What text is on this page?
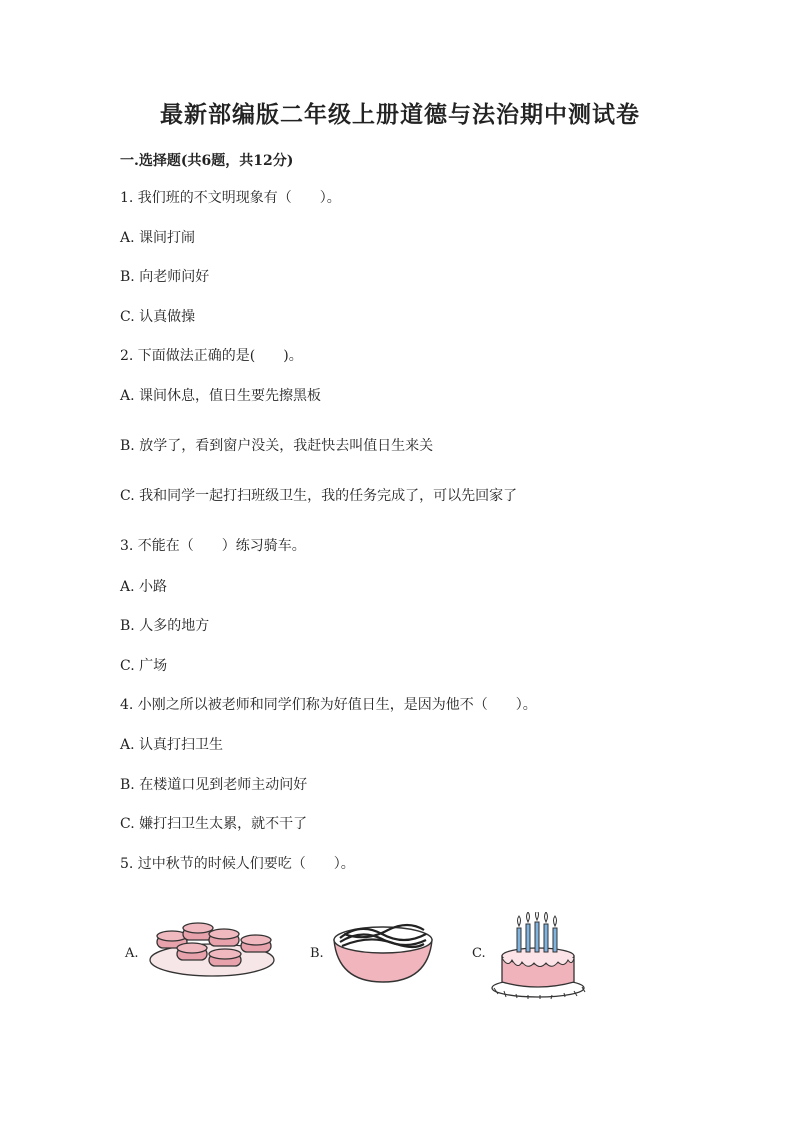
最新部编版二年级上册道德与法治期中测试卷

一.选择题(共6题，共12分)

1. 我们班的不文明现象有（　　）。

A. 课间打闹

B. 向老师问好

C. 认真做操

2. 下面做法正确的是(　　)。

A. 课间休息，值日生要先擦黑板

B. 放学了，看到窗户没关，我赶快去叫值日生来关

C. 我和同学一起打扫班级卫生，我的任务完成了，可以先回家了

3. 不能在（　　）练习骑车。

A. 小路

B. 人多的地方

C. 广场

4. 小刚之所以被老师和同学们称为好值日生，是因为他不（　　）。

A. 认真打扫卫生

B. 在楼道口见到老师主动问好

C. 嫌打扫卫生太累，就不干了

5. 过中秋节的时候人们要吃（　　）。

A.	B.	C.
